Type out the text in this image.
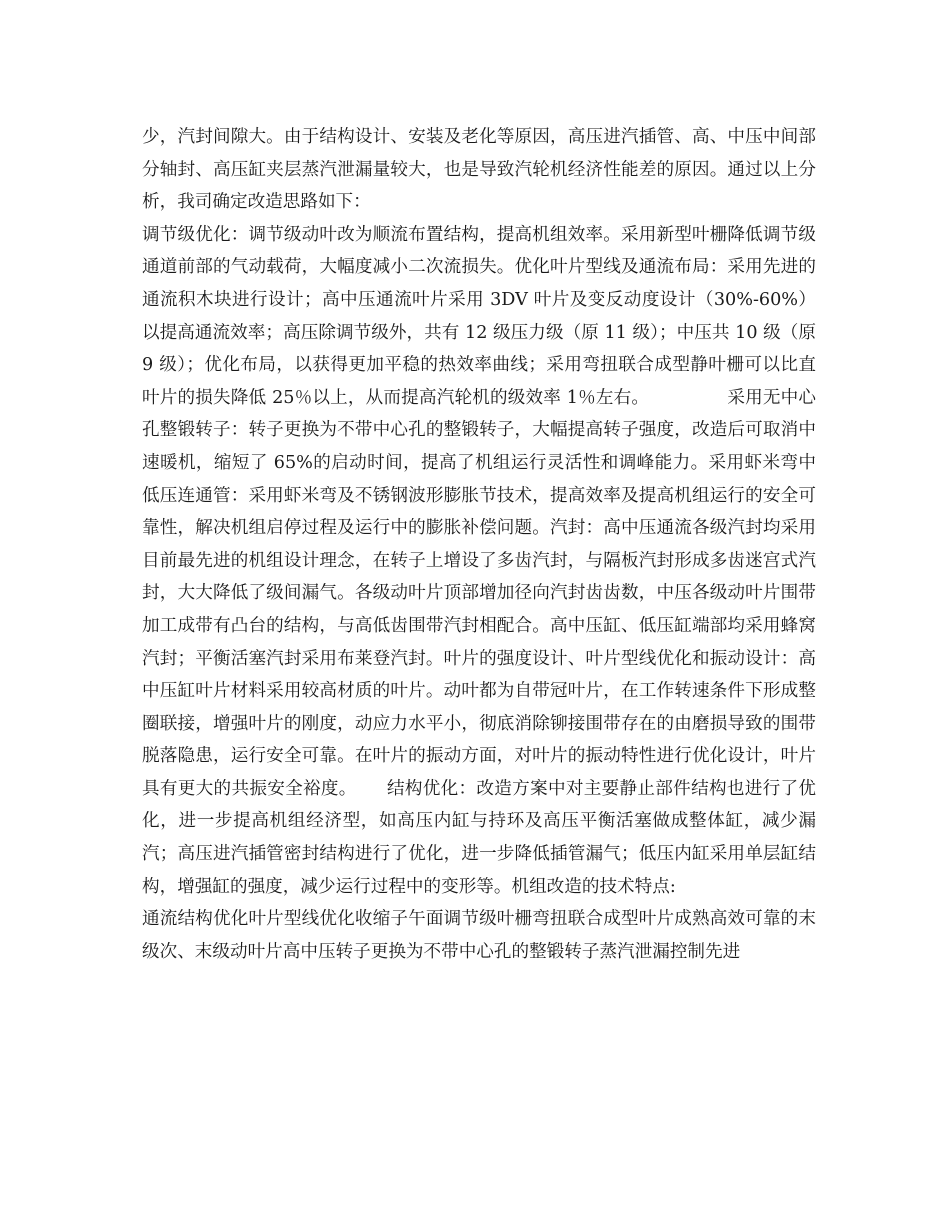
少，汽封间隙大。由于结构设计、安装及老化等原因，高压进汽插管、高、中压中间部分轴封、高压缸夹层蒸汽泄漏量较大，也是导致汽轮机经济性能差的原因。通过以上分析，我司确定改造思路如下：

调节级优化：调节级动叶改为顺流布置结构，提高机组效率。采用新型叶栅降低调节级通道前部的气动载荷，大幅度减小二次流损失。优化叶片型线及通流布局：采用先进的通流积木块进行设计；高中压通流叶片采用 3DV 叶片及变反动度设计（30%-60%）以提高通流效率；高压除调节级外，共有 12 级压力级（原 11 级）；中压共 10 级（原 9 级）；优化布局，以获得更加平稳的热效率曲线；采用弯扭联合成型静叶栅可以比直叶片的损失降低 25％以上，从而提高汽轮机的级效率 1％左右。	采用无中心孔整锻转子：转子更换为不带中心孔的整锻转子，大幅提高转子强度，改造后可取消中速暖机，缩短了 65%的启动时间，提高了机组运行灵活性和调峰能力。采用虾米弯中低压连通管：采用虾米弯及不锈钢波形膨胀节技术，提高效率及提高机组运行的安全可靠性，解决机组启停过程及运行中的膨胀补偿问题。汽封：高中压通流各级汽封均采用目前最先进的机组设计理念，在转子上增设了多齿汽封，与隔板汽封形成多齿迷宫式汽封，大大降低了级间漏气。各级动叶片顶部增加径向汽封齿齿数，中压各级动叶片围带加工成带有凸台的结构，与高低齿围带汽封相配合。高中压缸、低压缸端部均采用蜂窝汽封；平衡活塞汽封采用布莱登汽封。叶片的强度设计、叶片型线优化和振动设计：高中压缸叶片材料采用较高材质的叶片。动叶都为自带冠叶片，在工作转速条件下形成整圈联接，增强叶片的刚度，动应力水平小，彻底消除铆接围带存在的由磨损导致的围带脱落隐患，运行安全可靠。在叶片的振动方面，对叶片的振动特性进行优化设计，叶片具有更大的共振安全裕度。 结构优化：改造方案中对主要静止部件结构也进行了优化，进一步提高机组经济型，如高压内缸与持环及高压平衡活塞做成整体缸，减少漏汽；高压进汽插管密封结构进行了优化，进一步降低插管漏气；低压内缸采用单层缸结构，增强缸的强度，减少运行过程中的变形等。机组改造的技术特点:

通流结构优化叶片型线优化收缩子午面调节级叶栅弯扭联合成型叶片成熟高效可靠的末级次、末级动叶片高中压转子更换为不带中心孔的整锻转子蒸汽泄漏控制先进
